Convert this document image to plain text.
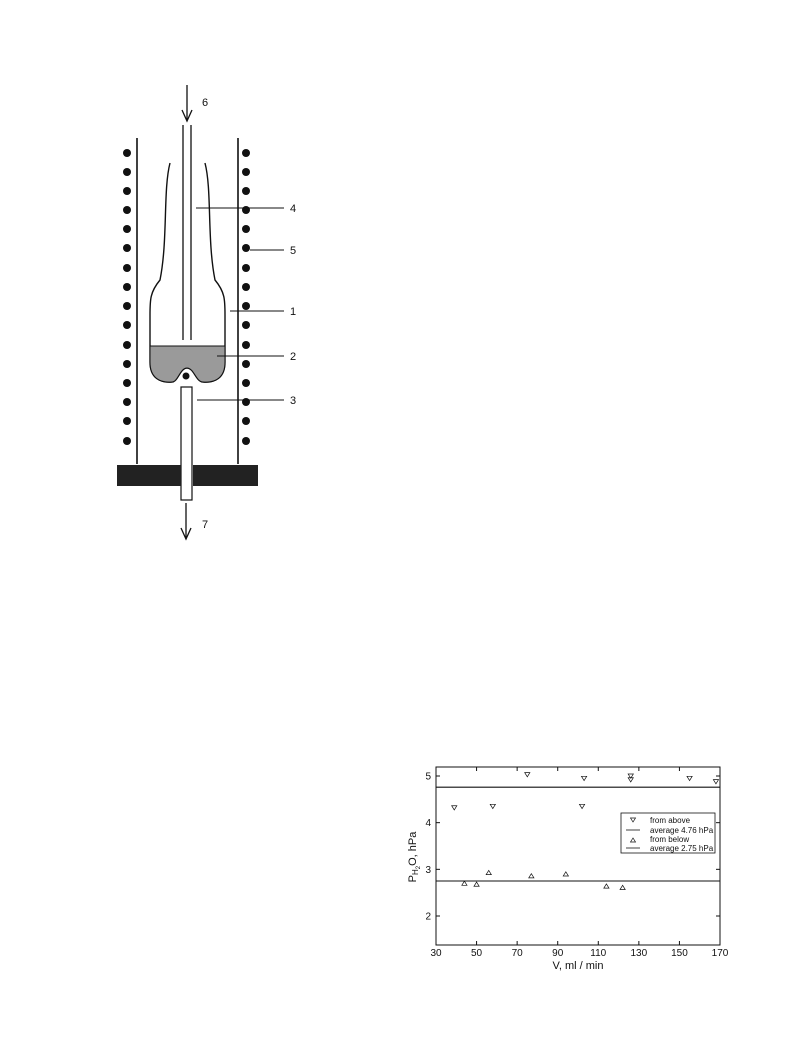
6
4
5
1
2
3
7
2
3
4
5
30	50	70	90	110 130 150 170
V, ml / min
PH2O, hPa
from above
average 4.76 hPa
from below
average 2.75 hPa
